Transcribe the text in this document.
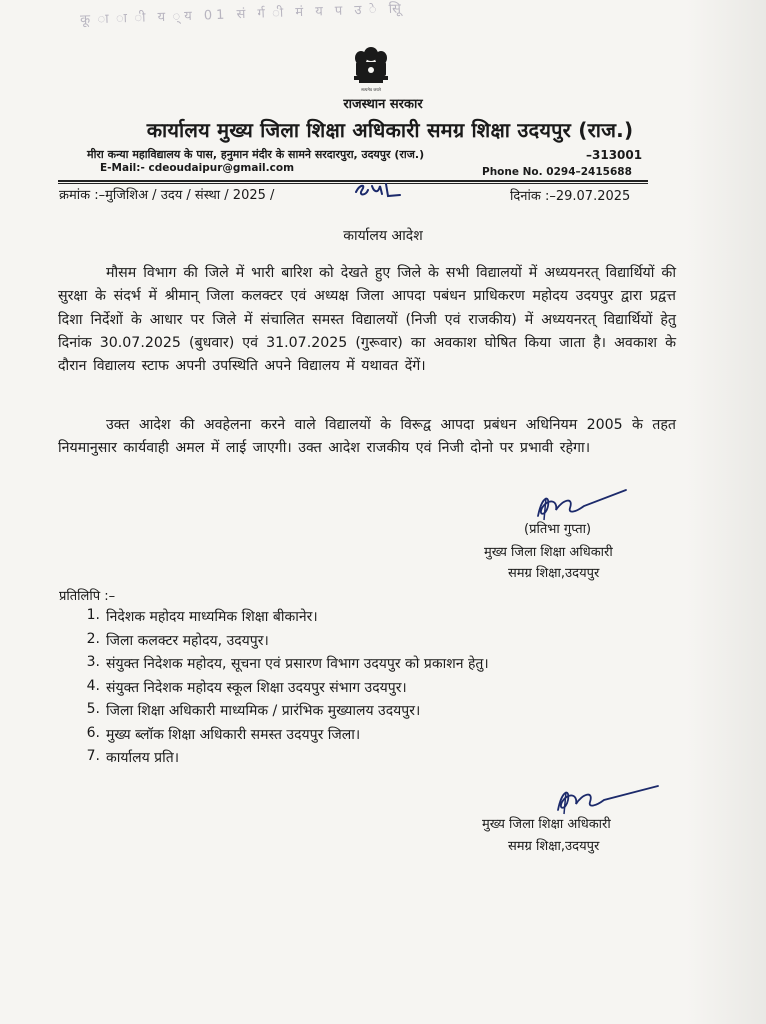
कू ा ा ी य ्य 01 सं र्ग ी मं य प उ े सूि
सत्यमेव जयते
राजस्थान सरकार
कार्यालय मुख्य जिला शिक्षा अधिकारी समग्र शिक्षा उदयपुर (राज.)
मीरा कन्या महाविद्यालय के पास, हनुमान मंदीर के सामने सरदारपुरा, उदयपुर (राज.)	–313001
E-Mail:- cdeoudaipur@gmail.com	Phone No. 0294–2415688
क्रमांक :–मुजिशिअ / उदय / संस्था / 2025 /	दिनांक :–29.07.2025
कार्यालय आदेश
मौसम विभाग की जिले में भारी बारिश को देखते हुए जिले के सभी विद्यालयों में अध्ययनरत् विद्यार्थियों की सुरक्षा के संदर्भ में श्रीमान् जिला कलक्टर एवं अध्यक्ष जिला आपदा पबंधन प्राधिकरण महोदय उदयपुर द्वारा प्रद्वत्त दिशा निर्देशों के आधार पर जिले में संचालित समस्त विद्यालयों (निजी एवं राजकीय) में अध्ययनरत् विद्यार्थियों हेतु दिनांक 30.07.2025 (बुधवार) एवं 31.07.2025 (गुरूवार) का अवकाश घोषित किया जाता है। अवकाश के दौरान विद्यालय स्टाफ अपनी उपस्थिति अपने विद्यालय में यथावत देंगें।
उक्त आदेश की अवहेलना करने वाले विद्यालयों के विरूद्व आपदा प्रबंधन अधिनियम 2005 के तहत नियमानुसार कार्यवाही अमल में लाई जाएगी। उक्त आदेश राजकीय एवं निजी दोनो पर प्रभावी रहेगा।
(प्रतिभा गुप्ता)
मुख्य जिला शिक्षा अधिकारी
समग्र शिक्षा,उदयपुर
प्रतिलिपि :–
1. निदेशक महोदय माध्यमिक शिक्षा बीकानेर।
2. जिला कलक्टर महोदय, उदयपुर।
3. संयुक्त निदेशक महोदय, सूचना एवं प्रसारण विभाग उदयपुर को प्रकाशन हेतु।
4. संयुक्त निदेशक महोदय स्कूल शिक्षा उदयपुर संभाग उदयपुर।
5. जिला शिक्षा अधिकारी माध्यमिक / प्रारंभिक मुख्यालय उदयपुर।
6. मुख्य ब्लॉक शिक्षा अधिकारी समस्त उदयपुर जिला।
7. कार्यालय प्रति।
मुख्य जिला शिक्षा अधिकारी
समग्र शिक्षा,उदयपुर
